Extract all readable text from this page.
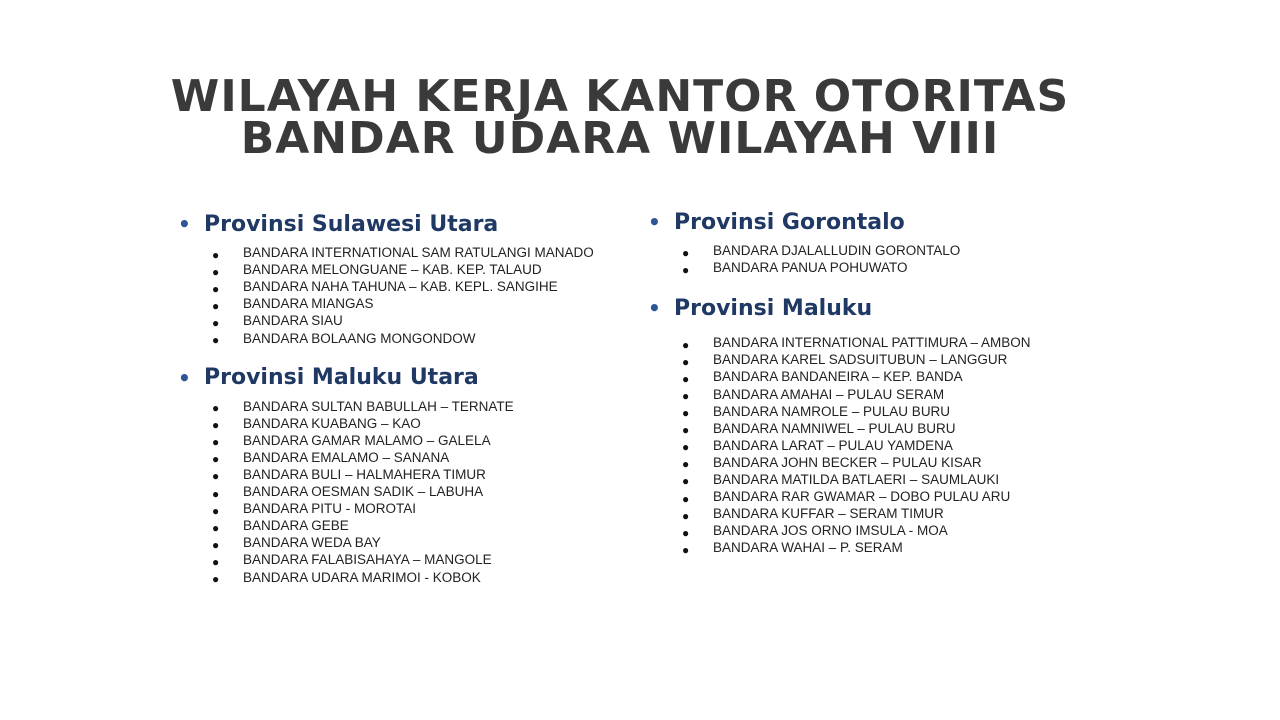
WILAYAH KERJA KANTOR OTORITAS
BANDAR UDARA WILAYAH VIII
• Provinsi Sulawesi Utara
●	BANDARA INTERNATIONAL SAM RATULANGI MANADO
●	BANDARA MELONGUANE – KAB. KEP. TALAUD
●	BANDARA NAHA TAHUNA – KAB. KEPL. SANGIHE
●	BANDARA MIANGAS
●	BANDARA SIAU
●	BANDARA BOLAANG MONGONDOW
• Provinsi Maluku Utara
●	BANDARA SULTAN BABULLAH – TERNATE
●	BANDARA KUABANG – KAO
●	BANDARA GAMAR MALAMO – GALELA
●	BANDARA EMALAMO – SANANA
●	BANDARA BULI – HALMAHERA TIMUR
●	BANDARA OESMAN SADIK – LABUHA
●	BANDARA PITU - MOROTAI
●	BANDARA GEBE
●	BANDARA WEDA BAY
●	BANDARA FALABISAHAYA – MANGOLE
●	BANDARA UDARA MARIMOI - KOBOK
• Provinsi Gorontalo
●	BANDARA DJALALLUDIN GORONTALO
●	BANDARA PANUA POHUWATO
• Provinsi Maluku
●	BANDARA INTERNATIONAL PATTIMURA – AMBON
●	BANDARA KAREL SADSUITUBUN – LANGGUR
●	BANDARA BANDANEIRA – KEP. BANDA
●	BANDARA AMAHAI – PULAU SERAM
●	BANDARA NAMROLE – PULAU BURU
●	BANDARA NAMNIWEL – PULAU BURU
●	BANDARA LARAT – PULAU YAMDENA
●	BANDARA JOHN BECKER – PULAU KISAR
●	BANDARA MATILDA BATLAERI – SAUMLAUKI
●	BANDARA RAR GWAMAR – DOBO PULAU ARU
●	BANDARA KUFFAR – SERAM TIMUR
●	BANDARA JOS ORNO IMSULA - MOA
●	BANDARA WAHAI – P. SERAM
